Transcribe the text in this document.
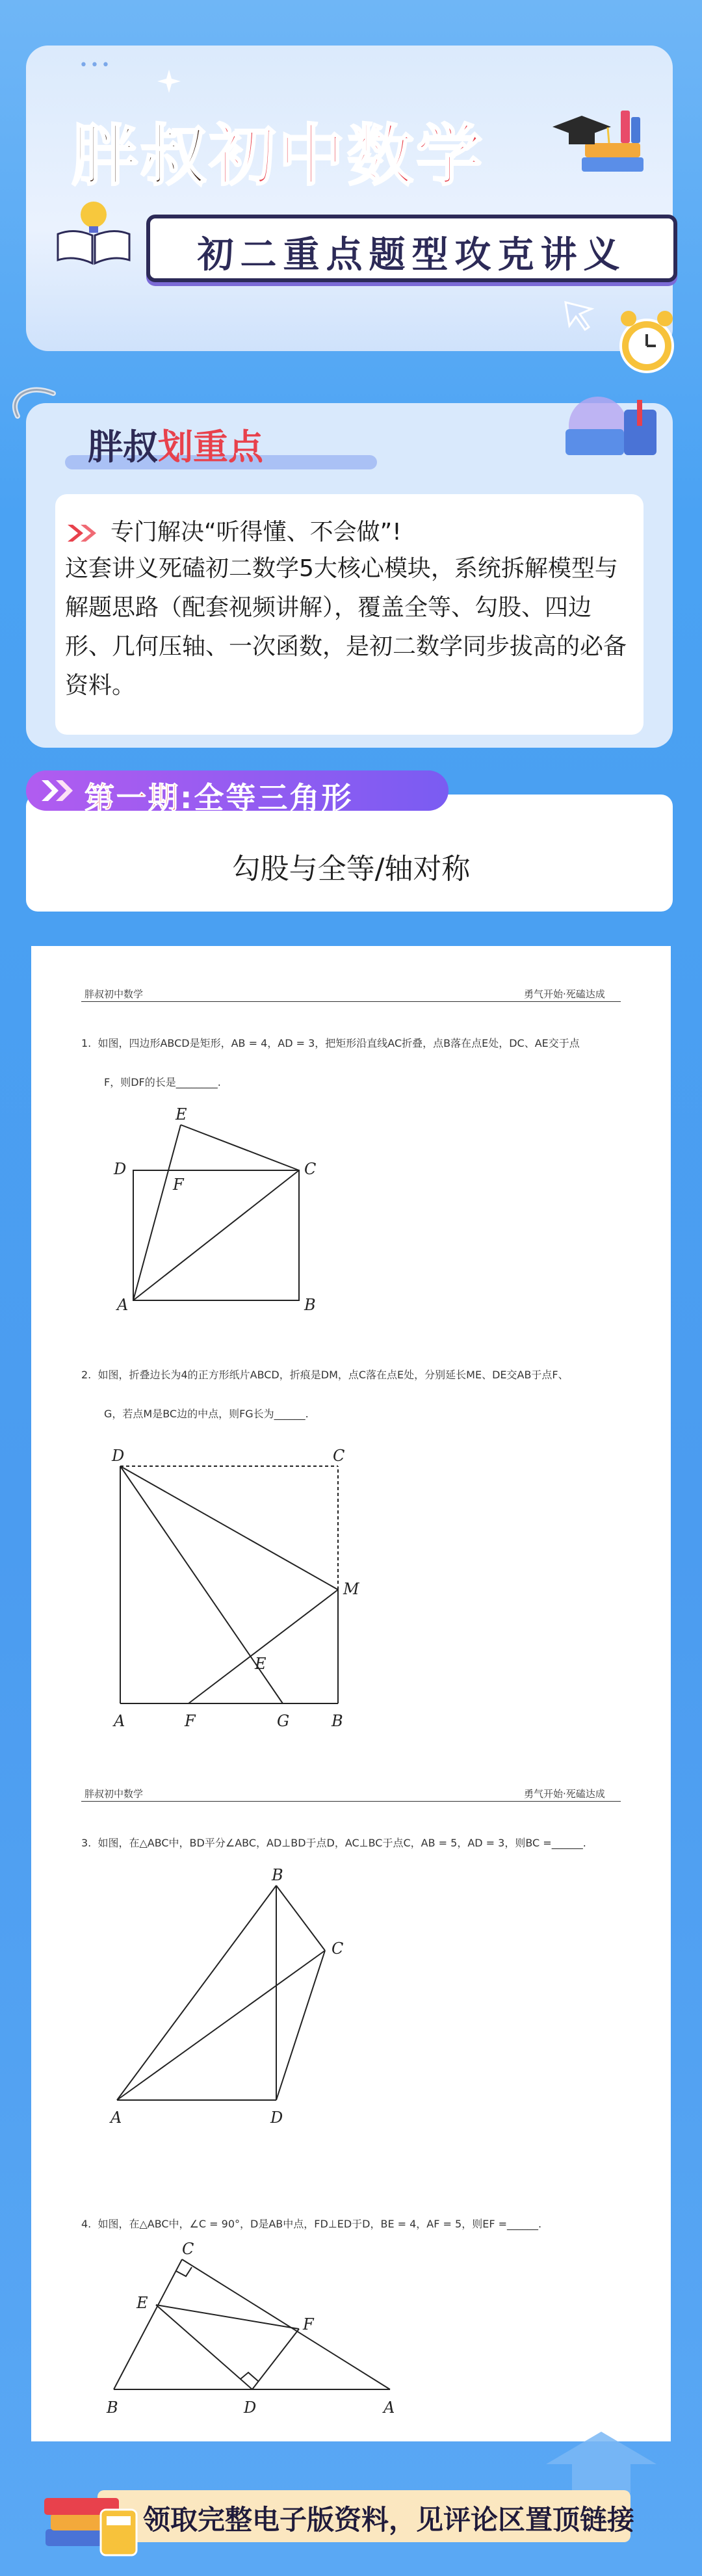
•••
胖叔初中数学
初二重点题型攻克讲义
胖叔划重点
专门解决“听得懂、不会做”!
这套讲义死磕初二数学5大核心模块，系统拆解模型与解题思路（配套视频讲解），覆盖全等、勾股、四边形、几何压轴、一次函数，是初二数学同步拔高的必备资料。
第一期:全等三角形
勾股与全等/轴对称
胖叔初中数学	勇气开始·死磕达成
1. 如图，四边形ABCD是矩形，AB = 4，AD = 3，把矩形沿直线AC折叠，点B落在点E处，DC、AE交于点
F，则DF的长是________.
A	B
C
D
E
F
2. 如图，折叠边长为4的正方形纸片ABCD，折痕是DM，点C落在点E处，分别延长ME、DE交AB于点F、
G，若点M是BC边的中点，则FG长为______.
D	C
M
E
A	F	G	B
胖叔初中数学	勇气开始·死磕达成
3. 如图，在△ABC中，BD平分∠ABC，AD⊥BD于点D，AC⊥BC于点C，AB = 5，AD = 3，则BC =______.
A
B
C
D
4. 如图，在△ABC中，∠C = 90°，D是AB中点，FD⊥ED于D，BE = 4，AF = 5，则EF =______.
C
E
F
B	D	A
领取完整电子版资料，见评论区置顶链接
